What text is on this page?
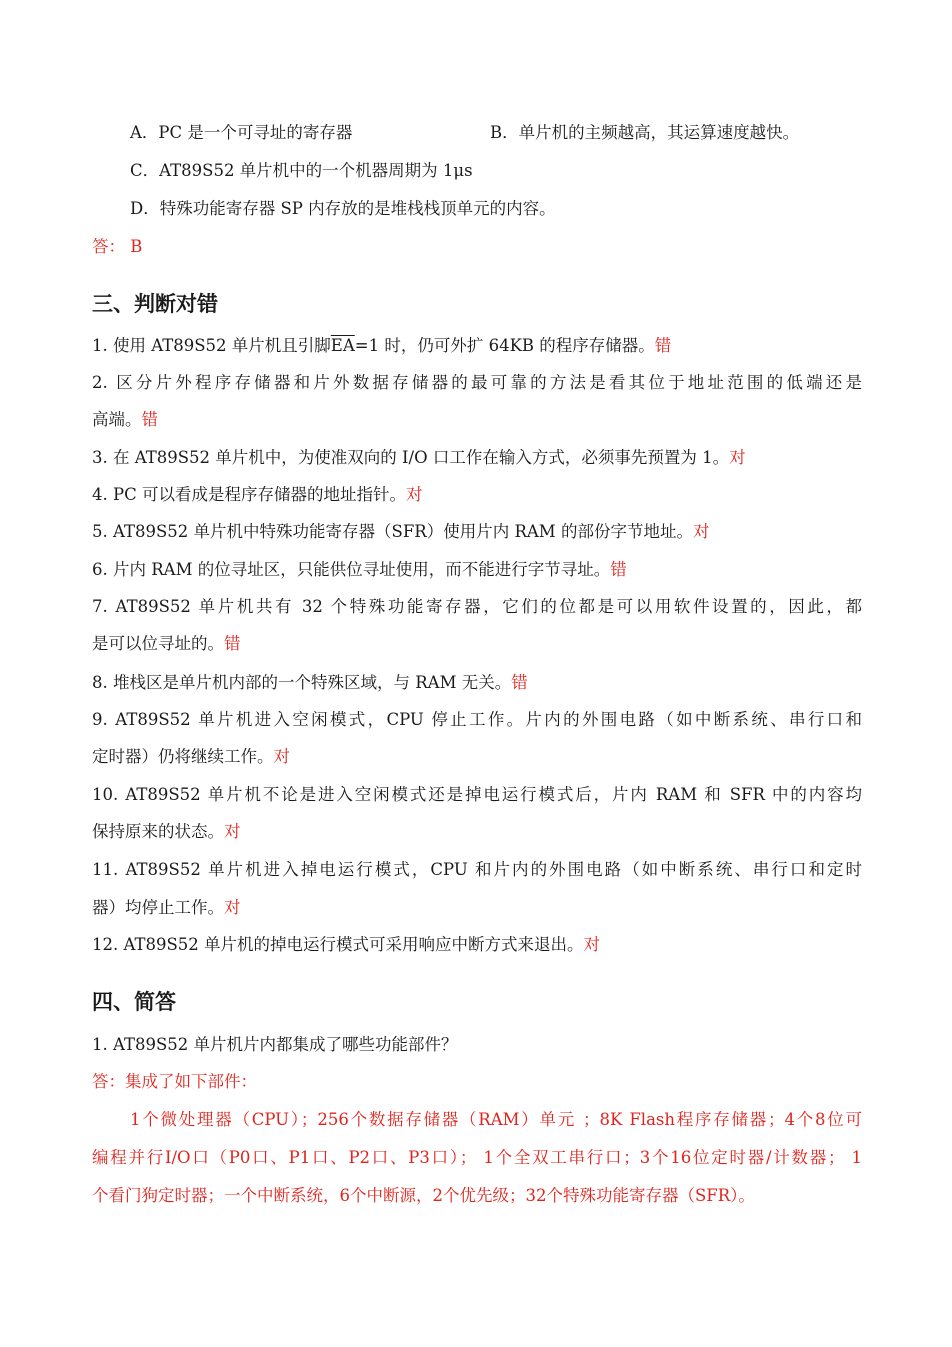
A．PC 是一个可寻址的寄存器	B．单片机的主频越高，其运算速度越快。
C．AT89S52 单片机中的一个机器周期为 1μs
D．特殊功能寄存器 SP 内存放的是堆栈栈顶单元的内容。
答： B
三、判断对错
1. 使用 AT89S52 单片机且引脚$\overline{EA}=1$ 时，仍可外扩 64KB 的程序存储器。错
2. 区分片外程序存储器和片外数据存储器的最可靠的方法是看其位于地址范围的低端还是
高端。错
3. 在 AT89S52 单片机中，为使准双向的 I/O 口工作在输入方式，必须事先预置为 1。对
4. PC 可以看成是程序存储器的地址指针。对
5. AT89S52 单片机中特殊功能寄存器（SFR）使用片内 RAM 的部份字节地址。对
6. 片内 RAM 的位寻址区，只能供位寻址使用，而不能进行字节寻址。错
7. AT89S52 单片机共有 32 个特殊功能寄存器，它们的位都是可以用软件设置的，因此，都
是可以位寻址的。错
8. 堆栈区是单片机内部的一个特殊区域，与 RAM 无关。错
9. AT89S52 单片机进入空闲模式，CPU 停止工作。片内的外围电路（如中断系统、串行口和
定时器）仍将继续工作。对
10. AT89S52 单片机不论是进入空闲模式还是掉电运行模式后，片内 RAM 和 SFR 中的内容均
保持原来的状态。对
11. AT89S52 单片机进入掉电运行模式，CPU 和片内的外围电路（如中断系统、串行口和定时
器）均停止工作。对
12. AT89S52 单片机的掉电运行模式可采用响应中断方式来退出。对
四、简答
1. AT89S52 单片机片内都集成了哪些功能部件？
答：集成了如下部件：
1个微处理器（CPU）；256个数据存储器（RAM）单元 ；8K Flash程序存储器；4个8位可
编程并行I/O口（P0口、P1口、P2口、P3口）； 1个全双工串行口；3个16位定时器/计数器； 1
个看门狗定时器；一个中断系统，6个中断源，2个优先级；32个特殊功能寄存器（SFR）。
